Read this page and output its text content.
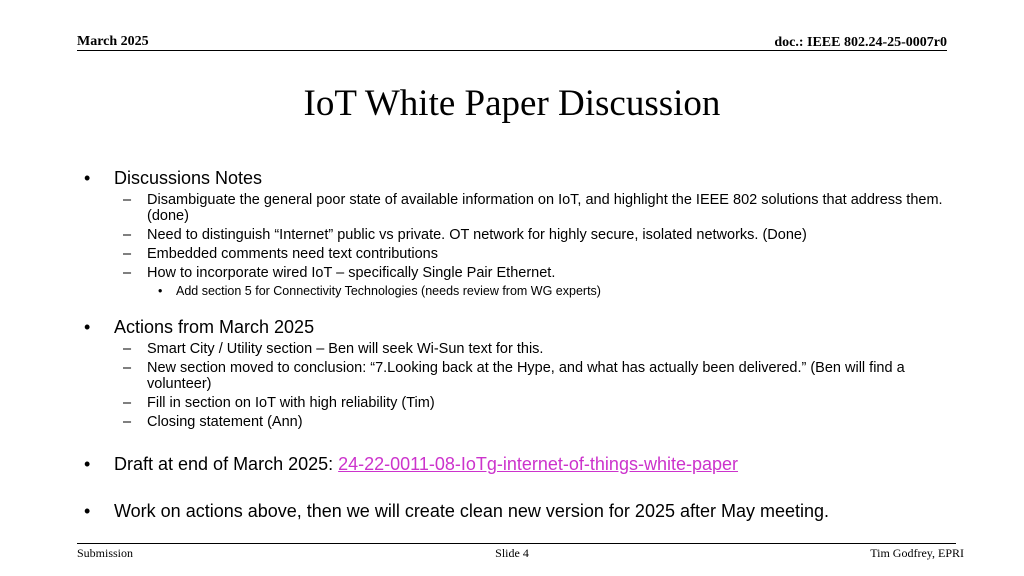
March 2025	doc.: IEEE 802.24-25-0007r0
IoT White Paper Discussion
•	Discussions Notes
–	Disambiguate the general poor state of available information on IoT, and highlight the IEEE 802 solutions that address them. (done)
–	Need to distinguish “Internet” public vs private. OT network for highly secure, isolated networks. (Done)
–	Embedded comments need text contributions
–	How to incorporate wired IoT – specifically Single Pair Ethernet.
•	Add section 5 for Connectivity Technologies (needs review from WG experts)
•	Actions from March 2025
–	Smart City / Utility section – Ben will seek Wi-Sun text for this.
–	New section moved to conclusion: “7.Looking back at the Hype, and what has actually been delivered.” (Ben will find a volunteer)
–	Fill in section on IoT with high reliability (Tim)
–	Closing statement (Ann)
•	Draft at end of March 2025: 24-22-0011-08-IoTg-internet-of-things-white-paper
•	Work on actions above, then we will create clean new version for 2025 after May meeting.
Submission	Slide 4	Tim Godfrey, EPRI
